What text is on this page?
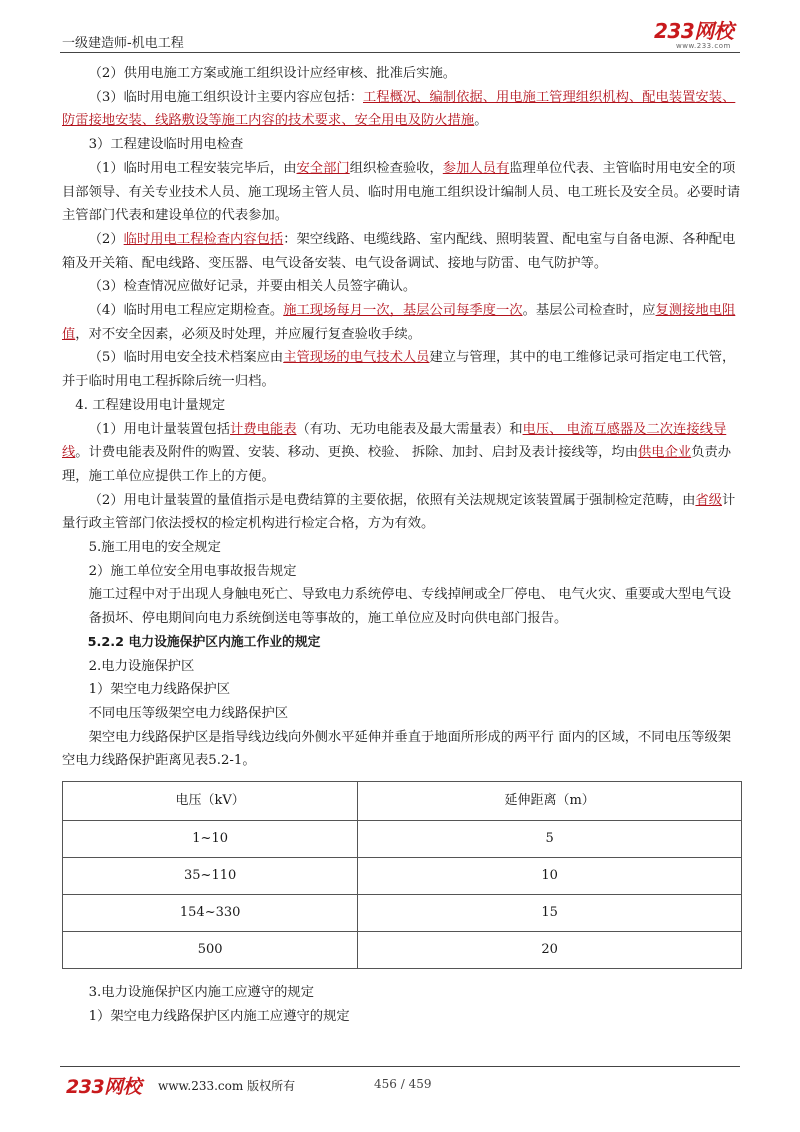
一级建造师-机电工程
233网校
www.233.com

（2）供用电施工方案或施工组织设计应经审核、批准后实施。

（3）临时用电施工组织设计主要内容应包括：工程概况、编制依据、用电施工管理组织机构、配电装置安装、防雷接地安装、线路敷设等施工内容的技术要求、安全用电及防火措施。

3）工程建设临时用电检查

（1）临时用电工程安装完毕后，由安全部门组织检查验收，参加人员有监理单位代表、主管临时用电安全的项目部领导、有关专业技术人员、施工现场主管人员、临时用电施工组织设计编制人员、电工班长及安全员。必要时请主管部门代表和建设单位的代表参加。

（2）临时用电工程检查内容包括：架空线路、电缆线路、室内配线、照明装置、配电室与自备电源、各种配电箱及开关箱、配电线路、变压器、电气设备安装、电气设备调试、接地与防雷、电气防护等。

（3）检查情况应做好记录，并要由相关人员签字确认。

（4）临时用电工程应定期检查。施工现场每月一次，基层公司每季度一次。基层公司检查时，应复测接地电阻值，对不安全因素，必须及时处理，并应履行复查验收手续。

（5）临时用电安全技术档案应由主管现场的电气技术人员建立与管理，其中的电工维修记录可指定电工代管，并于临时用电工程拆除后统一归档。

4. 工程建设用电计量规定

（1）用电计量装置包括计费电能表（有功、无功电能表及最大需量表）和电压、 电流互感器及二次连接线导线。计费电能表及附件的购置、安装、移动、更换、校验、 拆除、加封、启封及表计接线等，均由供电企业负责办理，施工单位应提供工作上的方便。

（2）用电计量装置的量值指示是电费结算的主要依据，依照有关法规规定该装置属于强制检定范畴，由省级计量行政主管部门依法授权的检定机构进行检定合格，方为有效。

5.施工用电的安全规定

2）施工单位安全用电事故报告规定

施工过程中对于出现人身触电死亡、导致电力系统停电、专线掉闸或全厂停电、 电气火灾、重要或大型电气设备损坏、停电期间向电力系统倒送电等事故的，施工单位应及时向供电部门报告。

5.2.2 电力设施保护区内施工作业的规定

2.电力设施保护区

1）架空电力线路保护区

不同电压等级架空电力线路保护区

架空电力线路保护区是指导线边线向外侧水平延伸并垂直于地面所形成的两平行 面内的区域，不同电压等级架空电力线路保护距离见表5.2-1。

电压（kV）	延伸距离（m）
1~10	5
35~110	10
154~330	15
500	20

3.电力设施保护区内施工应遵守的规定

1）架空电力线路保护区内施工应遵守的规定

233网校 www.233.com 版权所有	456 / 459
